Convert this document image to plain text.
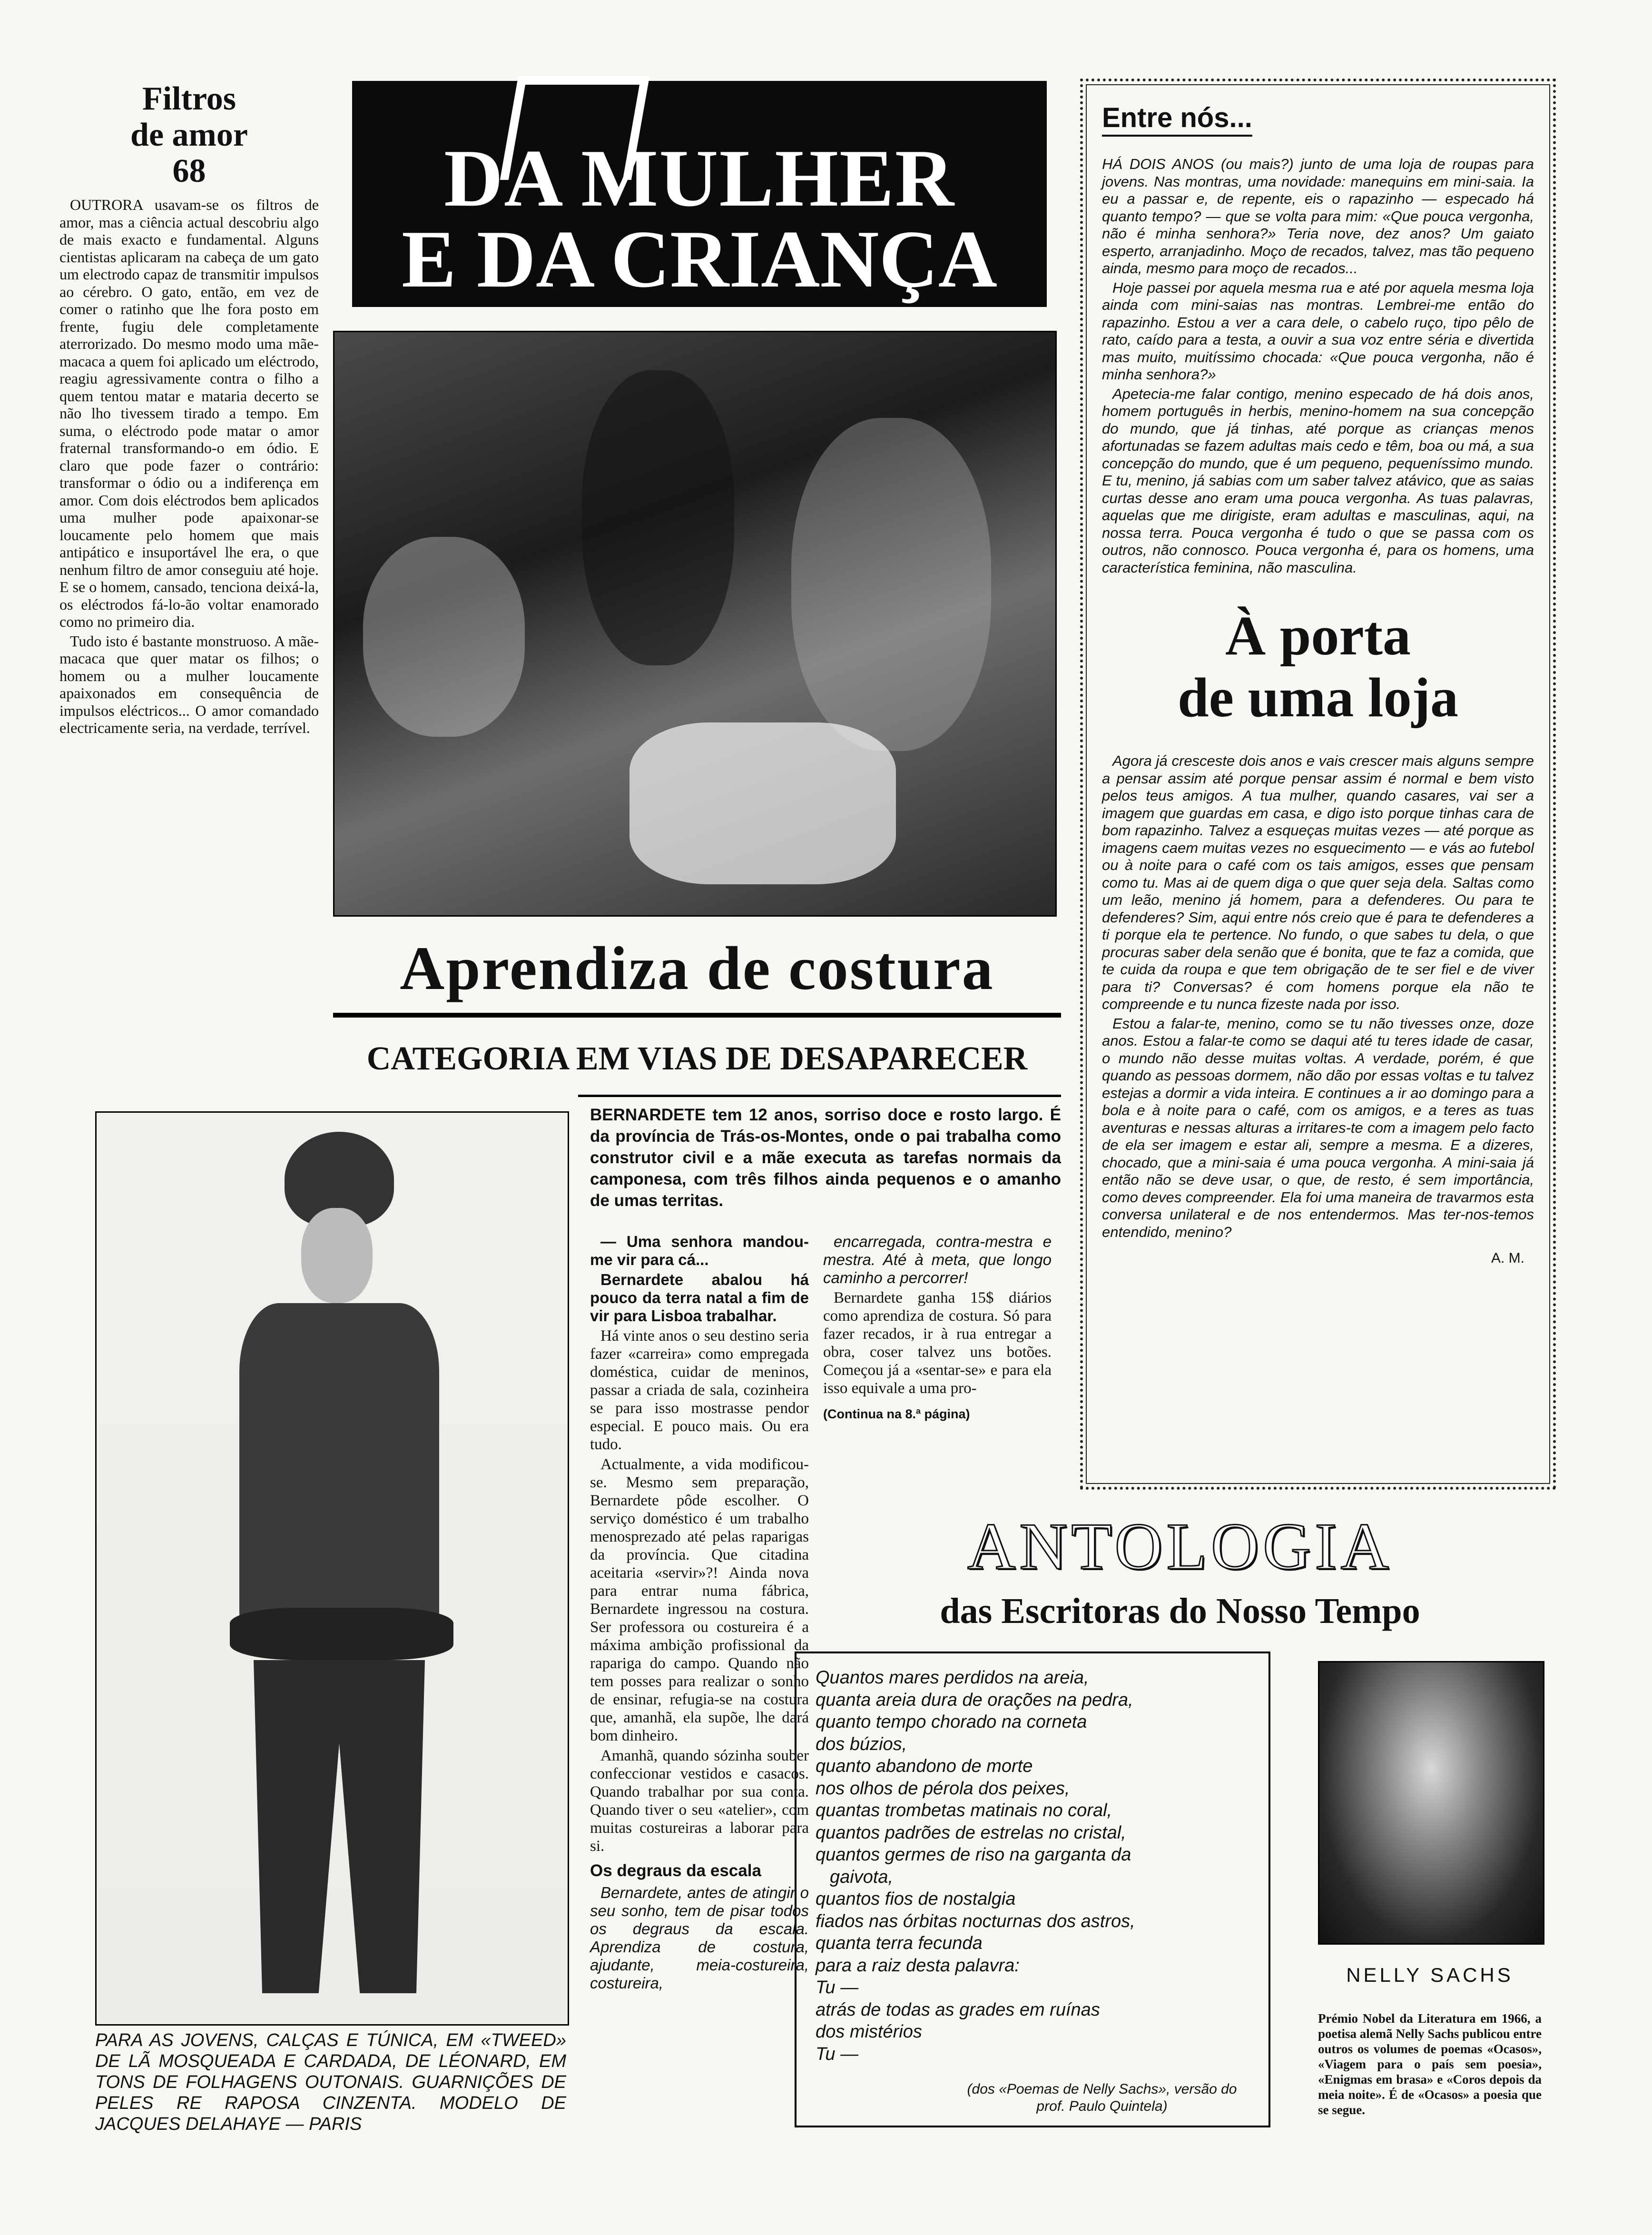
Filtros
de amor
68

OUTRORA usavam-se os filtros de amor, mas a ciência actual descobriu algo de mais exacto e fundamental. Alguns cientistas aplicaram na cabeça de um gato um electrodo capaz de transmitir impulsos ao cérebro. O gato, então, em vez de comer o ratinho que lhe fora posto em frente, fugiu dele completamente aterrorizado. Do mesmo modo uma mãe-macaca a quem foi aplicado um eléctrodo, reagiu agressivamente contra o filho a quem tentou matar e mataria decerto se não lho tivessem tirado a tempo. Em suma, o eléctrodo pode matar o amor fraternal transformando-o em ódio. E claro que pode fazer o contrário: transformar o ódio ou a indiferença em amor. Com dois eléctrodos bem aplicados uma mulher pode apaixonar-se loucamente pelo homem que mais antipático e insuportável lhe era, o que nenhum filtro de amor conseguiu até hoje. E se o homem, cansado, tenciona deixá-la, os eléctrodos fá-lo-ão voltar enamorado como no primeiro dia.

Tudo isto é bastante monstruoso. A mãe-macaca que quer matar os filhos; o homem ou a mulher loucamente apaixonados em consequência de impulsos eléctricos... O amor comandado electricamente seria, na verdade, terrível.

DA MULHER
E DA CRIANÇA
Aprendiza de costura
CATEGORIA EM VIAS DE DESAPARECER
PARA AS JOVENS, CALÇAS E TÚNICA, EM «TWEED» DE LÃ MOSQUEADA E CARDADA, DE LÉONARD, EM TONS DE FOLHAGENS OUTONAIS. GUARNIÇÕES DE PELES RE RAPOSA CINZENTA. MODELO DE JACQUES DELAHAYE — PARIS
BERNARDETE tem 12 anos, sorriso doce e rosto largo. É da província de Trás-os-Montes, onde o pai trabalha como construtor civil e a mãe executa as tarefas normais da camponesa, com três filhos ainda pequenos e o amanho de umas territas.

— Uma senhora mandou-me vir para cá...

Bernardete abalou há pouco da terra natal a fim de vir para Lisboa trabalhar.

Há vinte anos o seu destino seria fazer «carreira» como empregada doméstica, cuidar de meninos, passar a criada de sala, cozinheira se para isso mostrasse pendor especial. E pouco mais. Ou era tudo.

Actualmente, a vida modificou-se. Mesmo sem preparação, Bernardete pôde escolher. O serviço doméstico é um trabalho menosprezado até pelas raparigas da província. Que citadina aceitaria «servir»?! Ainda nova para entrar numa fábrica, Bernardete ingressou na costura. Ser professora ou costureira é a máxima ambição profissional da rapariga do campo. Quando não tem posses para realizar o sonho de ensinar, refugia-se na costura que, amanhã, ela supõe, lhe dará bom dinheiro.

Amanhã, quando sózinha souber confeccionar vestidos e casacos. Quando trabalhar por sua conta. Quando tiver o seu «atelier», com muitas costureiras a laborar para si.

Os degraus da escala

Bernardete, antes de atingir o seu sonho, tem de pisar todos os degraus da escala. Aprendiza de costura, ajudante, meia-costureira, costureira,

encarregada, contra-mestra e mestra. Até à meta, que longo caminho a percorrer!

Bernardete ganha 15$ diários como aprendiza de costura. Só para fazer recados, ir à rua entregar a obra, coser talvez uns botões. Começou já a «sentar-se» e para ela isso equivale a uma pro-

(Continua na 8.ª página)
Entre nós...

HÁ DOIS ANOS (ou mais?) junto de uma loja de roupas para jovens. Nas montras, uma novidade: manequins em mini-saia. Ia eu a passar e, de repente, eis o rapazinho — especado há quanto tempo? — que se volta para mim: «Que pouca vergonha, não é minha senhora?» Teria nove, dez anos? Um gaiato esperto, arranjadinho. Moço de recados, talvez, mas tão pequeno ainda, mesmo para moço de recados...

Hoje passei por aquela mesma rua e até por aquela mesma loja ainda com mini-saias nas montras. Lembrei-me então do rapazinho. Estou a ver a cara dele, o cabelo ruço, tipo pêlo de rato, caído para a testa, a ouvir a sua voz entre séria e divertida mas muito, muitíssimo chocada: «Que pouca vergonha, não é minha senhora?»

Apetecia-me falar contigo, menino especado de há dois anos, homem português in herbis, menino-homem na sua concepção do mundo, que já tinhas, até porque as crianças menos afortunadas se fazem adultas mais cedo e têm, boa ou má, a sua concepção do mundo, que é um pequeno, pequeníssimo mundo. E tu, menino, já sabias com um saber talvez atávico, que as saias curtas desse ano eram uma pouca vergonha. As tuas palavras, aquelas que me dirigiste, eram adultas e masculinas, aqui, na nossa terra. Pouca vergonha é tudo o que se passa com os outros, não connosco. Pouca vergonha é, para os homens, uma característica feminina, não masculina.

À porta
de uma loja

Agora já cresceste dois anos e vais crescer mais alguns sempre a pensar assim até porque pensar assim é normal e bem visto pelos teus amigos. A tua mulher, quando casares, vai ser a imagem que guardas em casa, e digo isto porque tinhas cara de bom rapazinho. Talvez a esqueças muitas vezes — até porque as imagens caem muitas vezes no esquecimento — e vás ao futebol ou à noite para o café com os tais amigos, esses que pensam como tu. Mas ai de quem diga o que quer seja dela. Saltas como um leão, menino já homem, para a defenderes. Ou para te defenderes? Sim, aqui entre nós creio que é para te defenderes a ti porque ela te pertence. No fundo, o que sabes tu dela, o que procuras saber dela senão que é bonita, que te faz a comida, que te cuida da roupa e que tem obrigação de te ser fiel e de viver para ti? Conversas? é com homens porque ela não te compreende e tu nunca fizeste nada por isso.

Estou a falar-te, menino, como se tu não tivesses onze, doze anos. Estou a falar-te como se daqui até tu teres idade de casar, o mundo não desse muitas voltas. A verdade, porém, é que quando as pessoas dormem, não dão por essas voltas e tu talvez estejas a dormir a vida inteira. E continues a ir ao domingo para a bola e à noite para o café, com os amigos, e a teres as tuas aventuras e nessas alturas a irritares-te com a imagem pelo facto de ela ser imagem e estar ali, sempre a mesma. E a dizeres, chocado, que a mini-saia é uma pouca vergonha. A mini-saia já então não se deve usar, o que, de resto, é sem importância, como deves compreender. Ela foi uma maneira de travarmos esta conversa unilateral e de nos entendermos. Mas ter-nos-temos entendido, menino?

A. M.
ANTOLOGIA
das Escritoras do Nosso Tempo
Quantos mares perdidos na areia,
quanta areia dura de orações na pedra,
quanto tempo chorado na corneta
dos búzios,
quanto abandono de morte
nos olhos de pérola dos peixes,
quantas trombetas matinais no coral,
quantos padrões de estrelas no cristal,
quantos germes de riso na garganta da
gaivota,
quantos fios de nostalgia
fiados nas órbitas nocturnas dos astros,
quanta terra fecunda
para a raiz desta palavra:
Tu —
atrás de todas as grades em ruínas
dos mistérios
Tu —
(dos «Poemas de Nelly Sachs», versão do prof. Paulo Quintela)
NELLY SACHS
Prémio Nobel da Literatura em 1966, a poetisa alemã Nelly Sachs publicou entre outros os volumes de poemas «Ocasos», «Viagem para o país sem poesia», «Enigmas em brasa» e «Coros depois da meia noite». É de «Ocasos» a poesia que se segue.
